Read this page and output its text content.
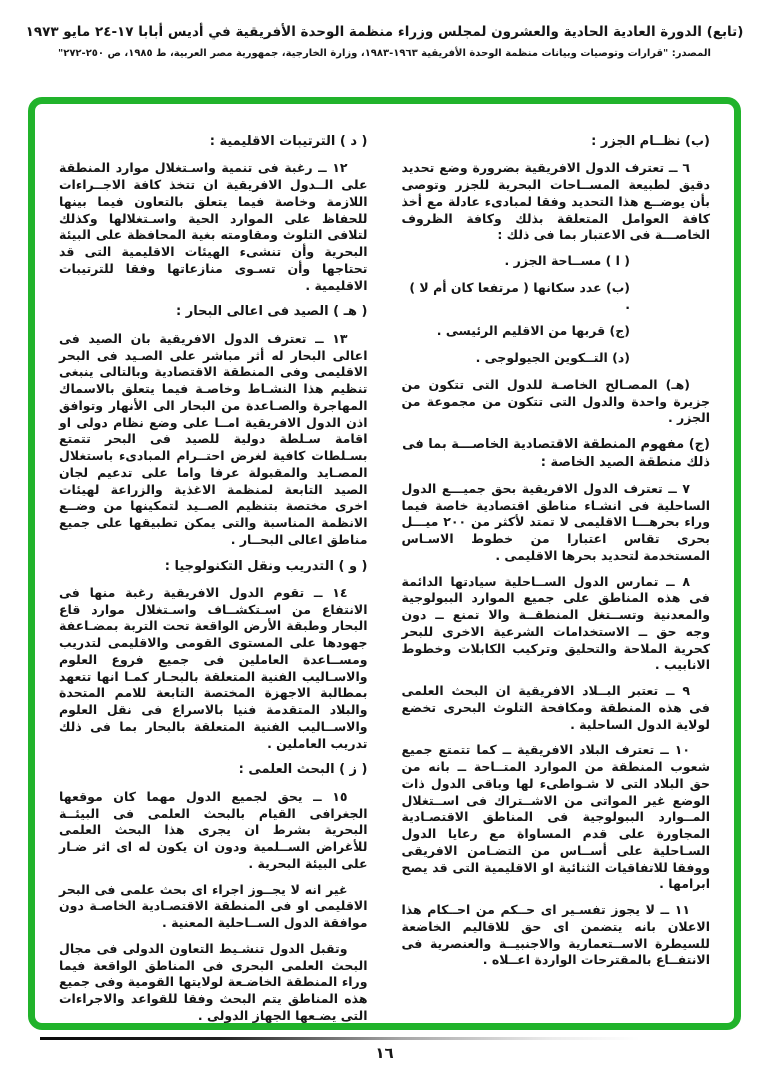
(تابع) الدورة العادية الحادية والعشرون لمجلس وزراء منظمة الوحدة الأفريقية في أديس أبابا ١٧-٢٤ مايو ١٩٧٣
المصدر: "قرارات وتوصيات وبيانات منظمة الوحدة الأفريقية ١٩٦٣-١٩٨٣، وزارة الخارجية، جمهورية مصر العربية، ط ١٩٨٥، ص ٢٥٠-٢٧٢"
(ب) نظــام الجزر :
٦ ــ تعترف الدول الافريقية بضرورة وضع تحديد دقيق لطبيعة المســاحات البحرية للجزر وتوصى بأن يوضــع هذا التحديد وفقا لمبادىء عادلة مع أخذ كافة العوامل المتعلقة بذلك وكافة الظروف الخاصـــة فى الاعتبار بما فى ذلك :
( ا ) مســاحة الجزر .
(ب) عدد سكانها ( مرتفعا كان أم لا ) .
(ج) قربها من الاقليم الرئيسى .
(د) التــكوين الجيولوجى .
(هـ) المصـالح الخاصـة للدول التى تتكون من جزيرة واحدة والدول التى تتكون من مجموعة من الجزر .
(ج) مفهوم المنطقة الاقتصادية الخاصـــة بما فى ذلك منطقة الصيد الخاصة :
٧ ــ تعترف الدول الافريقية بحق جميـــع الدول الساحلية فى انشـاء مناطق اقتصادية خاصة فيما وراء بحرهـــا الاقليمى لا تمتد لأكثر من ٢٠٠ ميـــل بحرى تقاس اعتبارا من خطوط الاسـاس المستخدمة لتحديد بحرها الاقليمى .
٨ ــ تمارس الدول الســاحلية سيادتها الدائمة فى هذه المناطق على جميع الموارد الببولوجية والمعدنية وتســتغل المنطقــة والا تمنع ــ دون وجه حق ــ الاستخدامات الشرعية الاخرى للبحر كحرية الملاحة والتحليق وتركيب الكابلات وخطوط الانابيب .
٩ ــ تعتبر البــلاد الافريقية ان البحث العلمى فى هذه المنطقة ومكافحة التلوث البحرى تخضع لولاية الدول الساحلية .
١٠ ــ تعترف البلاد الافريقية ــ كما تتمتع جميع شعوب المنطقة من الموارد المتــاحة ــ بانه من حق البلاد التى لا شـواطىء لها وباقى الدول ذات الوضع غير المواتى من الاشــتراك فى اســتغلال المــوارد الببولوجية فى المناطق الاقتصـادية المجاورة على قدم المساواة مع رعايا الدول السـاحلية على أســاس من التضـامن الافريقى ووفقا للاتفاقيات الثنائية او الاقليمية التى قد يصح ابرامها .
١١ ــ لا يجوز تفسـير اى حــكم من احــكام هذا الاعلان بانه يتضمن اى حق للاقاليم الخاضعة للسيطرة الاســتعمارية والاجنبيــة والعنصرية فى الانتفــاع بالمقترحات الواردة اعــلاه .
( د ) الترتيبات الاقليمية :
١٢ ــ رغبة فى تنمية واسـتغلال موارد المنطقة على الــدول الافريقية ان تتخذ كافة الاجــراءات اللازمة وخاصة فيما يتعلق بالتعاون فيما بينها للحفاظ على الموارد الحية واسـتغلالها وكذلك لتلافى التلوث ومقاومته بغية المحافظة على البيئة البحرية وأن تنشىء الهيئات الاقليمية التى قد تحتاجها وأن تسـوى منازعاتها وفقا للترتيبات الاقليمية .
( هـ ) الصيد فى اعالى البحار :
١٣ ــ تعترف الدول الافريقية بان الصيد فى اعالى البحار له أثر مباشر على الصـيد فى البحر الاقليمى وفى المنطقة الاقتصادية وبالتالى ينبغى تنظيم هذا النشـاط وخاصـة فيما يتعلق بالاسماك المهاجرة والصـاعدة من البحار الى الأنهار وتوافق اذن الدول الافريقية امــا على وضع نظام دولى او اقامة سـلطة دولية للصيد فى البحر تتمتع بسـلطات كافية لغرض احتــرام المبادىء باستغلال المصـايد والمقبولة عرفا واما على تدعيم لجان الصيد التابعة لمنظمة الاغذية والزراعة لهيئات اخرى مختصة بتنظيم الصــيد لتمكينها من وضــع الانظمة المناسبة والتى يمكن تطبيقها على جميع مناطق اعالى البحــار .
( و ) التدريب ونقل التكنولوجيا :
١٤ ــ تقوم الدول الافريقية رغبة منها فى الانتفاع من اسـتكشــاف واسـتغلال موارد قاع البحار وطبقة الأرض الواقعة تحت التربة بمضـاعفة جهودها على المستوى القومى والاقليمى لتدريب ومســاعدة العاملين فى جميع فروع العلوم والاسـاليب الفنية المتعلقة بالبحـار كمـا انها تتعهد بمطالبة الاجهزة المختصة التابعة للامم المتحدة والبلاد المتقدمة فنيا بالاسراع فى نقل العلوم والاســاليب الفنية المتعلقة بالبحار بما فى ذلك تدريب العاملين .
( ز ) البحث العلمى :
١٥ ــ يحق لجميع الدول مهما كان موقعها الجغرافى القيام بالبحث العلمى فى البيئــة البحرية بشرط ان يجرى هذا البحث العلمى للأغراض الســلمية ودون ان يكون له اى اثر ضـار على البيئة البحرية .
غير انه لا يجــوز اجراء اى بحث علمى فى البحر الاقليمى او فى المنطقة الاقتصـادية الخاصـة دون موافقة الدول الســاحلية المعنية .
وتقبل الدول تنشـيط التعاون الدولى فى مجال البحث العلمى البحرى فى المناطق الواقعة فيما وراء المنطقة الخاضـعة لولايتها القومية وفى جميع هذه المناطق يتم البحث وفقا للقواعد والاجراءات التى يضـعها الجهاز الدولى .
١٦
